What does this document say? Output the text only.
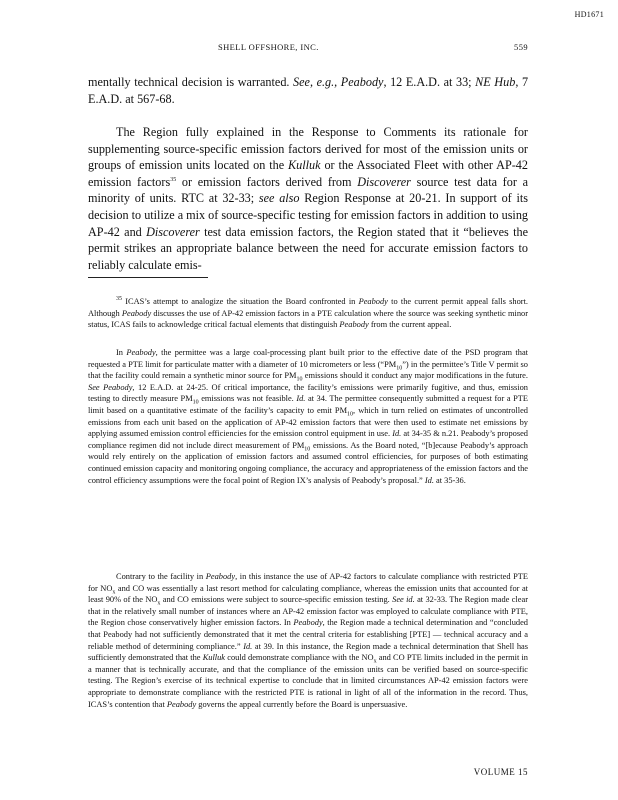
HD1671
SHELL OFFSHORE, INC.	559

mentally technical decision is warranted. See, e.g., Peabody, 12 E.A.D. at 33; NE Hub, 7 E.A.D. at 567-68.

The Region fully explained in the Response to Comments its rationale for supplementing source-specific emission factors derived for most of the emission units or groups of emission units located on the Kulluk or the Associated Fleet with other AP-42 emission factors$^{35}$ or emission factors derived from Discoverer source test data for a minority of units. RTC at 32-33; see also Region Response at 20-21. In support of its decision to utilize a mix of source-specific testing for emission factors in addition to using AP-42 and Discoverer test data emission factors, the Region stated that it “believes the permit strikes an appropriate balance between the need for accurate emission factors to reliably calculate emis-

$^{35}$ ICAS’s attempt to analogize the situation the Board confronted in Peabody to the current permit appeal falls short. Although Peabody discusses the use of AP-42 emission factors in a PTE calculation where the source was seeking synthetic minor status, ICAS fails to acknowledge critical factual elements that distinguish Peabody from the current appeal.

In Peabody, the permittee was a large coal-processing plant built prior to the effective date of the PSD program that requested a PTE limit for particulate matter with a diameter of 10 micrometers or less $(“PM_{10}”)$ in the permittee’s Title V permit so that the facility could remain a synthetic minor source for $PM_{10}$ emissions should it conduct any major modifications in the future. See Peabody, 12 E.A.D. at 24-25. Of critical importance, the facility’s emissions were primarily fugitive, and thus, emission testing to directly measure $PM_{10}$ emissions was not feasible. Id. at 34. The permittee consequently submitted a request for a PTE limit based on a quantitative estimate of the facility’s capacity to emit $PM_{10}$, which in turn relied on estimates of uncontrolled emissions from each unit based on the application of AP-42 emission factors that were then used to estimate net emissions by applying assumed emission control efficiencies for the emission control equipment in use. Id. at 34-35 & n.21. Peabody’s proposed compliance regimen did not include direct measurement of $PM_{10}$ emissions. As the Board noted, “[b]ecause Peabody’s approach would rely entirely on the application of emission factors and assumed control efficiencies, for purposes of both estimating continued emission capacity and monitoring ongoing compliance, the accuracy and appropriateness of the emission factors and the control efficiency assumptions were the focal point of Region IX’s analysis of Peabody’s proposal.” Id. at 35-36.

Contrary to the facility in Peabody, in this instance the use of AP-42 factors to calculate compliance with restricted PTE for $NO_x$ and CO was essentially a last resort method for calculating compliance, whereas the emission units that accounted for at least 90% of the $NO_x$ and CO emissions were subject to source-specific emission testing. See id. at 32-33. The Region made clear that in the relatively small number of instances where an AP-42 emission factor was employed to calculate compliance with PTE, the Region chose conservatively higher emission factors. In Peabody, the Region made a technical determination and “concluded that Peabody had not sufficiently demonstrated that it met the central criteria for establishing [PTE] — technical accuracy and a reliable method of determining compliance.” Id. at 39. In this instance, the Region made a technical determination that Shell has sufficiently demonstrated that the Kulluk could demonstrate compliance with the $NO_x$ and CO PTE limits included in the permit in a manner that is technically accurate, and that the compliance of the emission units can be verified based on source-specific testing. The Region’s exercise of its technical expertise to conclude that in limited circumstances AP-42 emission factors were appropriate to demonstrate compliance with the restricted PTE is rational in light of all of the information in the record. Thus, ICAS’s contention that Peabody governs the appeal currently before the Board is unpersuasive.

VOLUME 15
